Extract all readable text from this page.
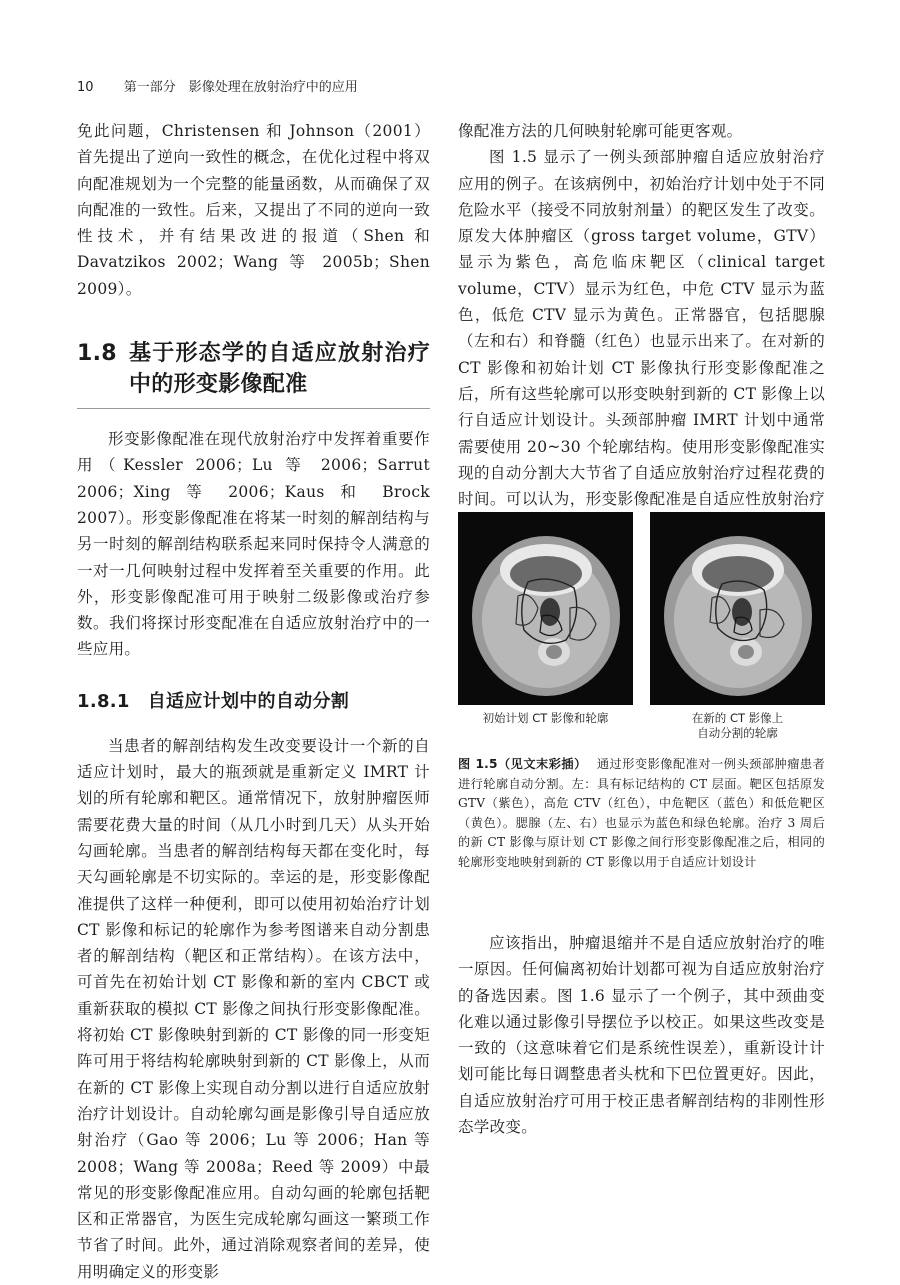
10 第一部分　影像处理在放射治疗中的应用

免此问题，Christensen 和 Johnson（2001）首先提出了逆向一致性的概念，在优化过程中将双向配准规划为一个完整的能量函数，从而确保了双向配准的一致性。后来，又提出了不同的逆向一致性技术，并有结果改进的报道（Shen 和 Davatzikos 2002；Wang 等 2005b；Shen 2009）。

1.8 基于形态学的自适应放射治疗中的形变影像配准

形变影像配准在现代放射治疗中发挥着重要作用（Kessler 2006；Lu 等 2006；Sarrut 2006；Xing 等 2006；Kaus 和 Brock 2007）。形变影像配准在将某一时刻的解剖结构与另一时刻的解剖结构联系起来同时保持令人满意的一对一几何映射过程中发挥着至关重要的作用。此外，形变影像配准可用于映射二级影像或治疗参数。我们将探讨形变配准在自适应放射治疗中的一些应用。

1.8.1 自适应计划中的自动分割

当患者的解剖结构发生改变要设计一个新的自适应计划时，最大的瓶颈就是重新定义 IMRT 计划的所有轮廓和靶区。通常情况下，放射肿瘤医师需要花费大量的时间（从几小时到几天）从头开始勾画轮廓。当患者的解剖结构每天都在变化时，每天勾画轮廓是不切实际的。幸运的是，形变影像配准提供了这样一种便利，即可以使用初始治疗计划 CT 影像和标记的轮廓作为参考图谱来自动分割患者的解剖结构（靶区和正常结构）。在该方法中，可首先在初始计划 CT 影像和新的室内 CBCT 或重新获取的模拟 CT 影像之间执行形变影像配准。将初始 CT 影像映射到新的 CT 影像的同一形变矩阵可用于将结构轮廓映射到新的 CT 影像上，从而在新的 CT 影像上实现自动分割以进行自适应放射治疗计划设计。自动轮廓勾画是影像引导自适应放射治疗（Gao 等 2006；Lu 等 2006；Han 等 2008；Wang 等 2008a；Reed 等 2009）中最常见的形变影像配准应用。自动勾画的轮廓包括靶区和正常器官，为医生完成轮廓勾画这一繁琐工作节省了时间。此外，通过消除观察者间的差异，使用明确定义的形变影

像配准方法的几何映射轮廓可能更客观。

图 1.5 显示了一例头颈部肿瘤自适应放射治疗应用的例子。在该病例中，初始治疗计划中处于不同危险水平（接受不同放射剂量）的靶区发生了改变。原发大体肿瘤区（gross target volume，GTV）显示为紫色，高危临床靶区（clinical target volume，CTV）显示为红色，中危 CTV 显示为蓝色，低危 CTV 显示为黄色。正常器官，包括腮腺（左和右）和脊髓（红色）也显示出来了。在对新的 CT 影像和初始计划 CT 影像执行形变影像配准之后，所有这些轮廓可以形变映射到新的 CT 影像上以行自适应计划设计。头颈部肿瘤 IMRT 计划中通常需要使用 20~30 个轮廓结构。使用形变影像配准实现的自动分割大大节省了自适应放射治疗过程花费的时间。可以认为，形变影像配准是自适应性放射治疗

初始计划 CT 影像和轮廓	在新的 CT 影像上
自动分割的轮廓
图 1.5（见文末彩插） 通过形变影像配准对一例头颈部肿瘤患者进行轮廓自动分割。左：具有标记结构的 CT 层面。靶区包括原发 GTV（紫色），高危 CTV（红色），中危靶区（蓝色）和低危靶区（黄色）。腮腺（左、右）也显示为蓝色和绿色轮廓。治疗 3 周后的新 CT 影像与原计划 CT 影像之间行形变影像配准之后，相同的轮廓形变地映射到新的 CT 影像以用于自适应计划设计

应该指出，肿瘤退缩并不是自适应放射治疗的唯一原因。任何偏离初始计划都可视为自适应放射治疗的备选因素。图 1.6 显示了一个例子，其中颈曲变化难以通过影像引导摆位予以校正。如果这些改变是一致的（这意味着它们是系统性误差），重新设计计划可能比每日调整患者头枕和下巴位置更好。因此，自适应放射治疗可用于校正患者解剖结构的非刚性形态学改变。
